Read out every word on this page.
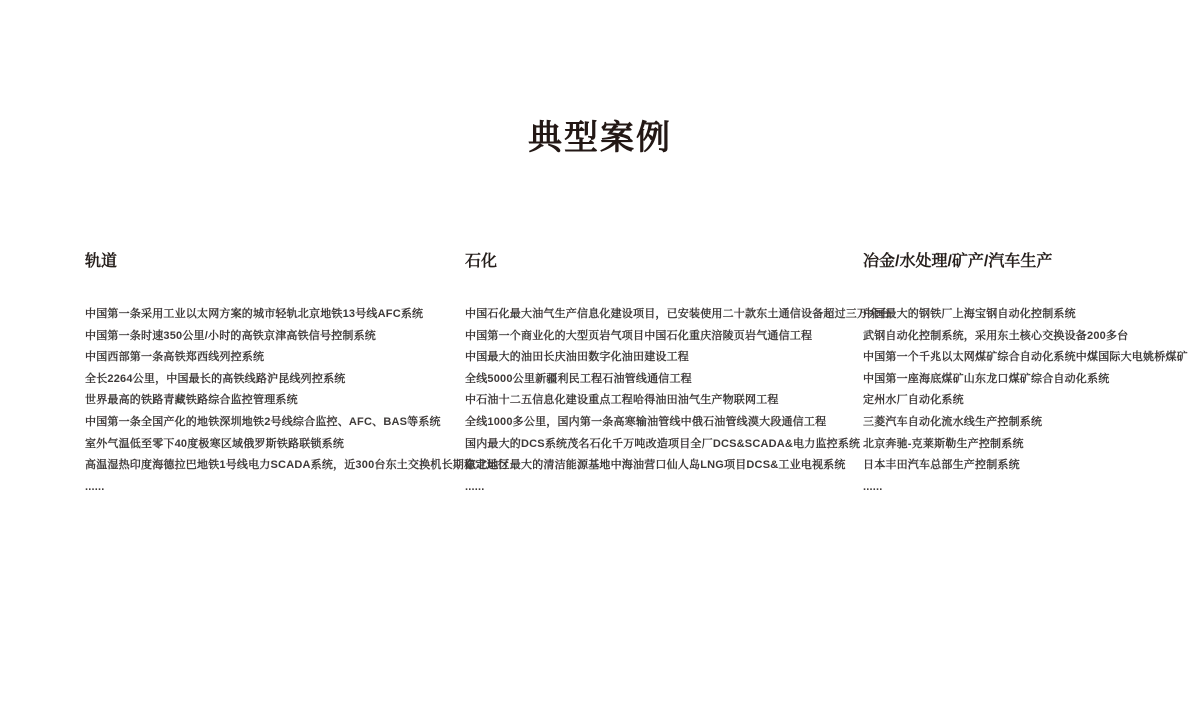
典型案例
轨道
中国第一条采用工业以太网方案的城市轻轨北京地铁13号线AFC系统
中国第一条时速350公里/小时的高铁京津高铁信号控制系统
中国西部第一条高铁郑西线列控系统
全长2264公里，中国最长的高铁线路沪昆线列控系统
世界最高的铁路青藏铁路综合监控管理系统
中国第一条全国产化的地铁深圳地铁2号线综合监控、AFC、BAS等系统
室外气温低至零下40度极寒区域俄罗斯铁路联锁系统
高温湿热印度海德拉巴地铁1号线电力SCADA系统，近300台东土交换机长期稳定运行
......
石化
中国石化最大油气生产信息化建设项目，已安装使用二十款东土通信设备超过三万余台
中国第一个商业化的大型页岩气项目中国石化重庆涪陵页岩气通信工程
中国最大的油田长庆油田数字化油田建设工程
全线5000公里新疆利民工程石油管线通信工程
中石油十二五信息化建设重点工程哈得油田油气生产物联网工程
全线1000多公里，国内第一条高寒输油管线中俄石油管线漠大段通信工程
国内最大的DCS系统茂名石化千万吨改造项目全厂DCS&SCADA&电力监控系统
东北地区最大的清洁能源基地中海油营口仙人岛LNG项目DCS&工业电视系统
......
冶金/水处理/矿产/汽车生产
中国最大的钢铁厂上海宝钢自动化控制系统
武钢自动化控制系统，采用东土核心交换设备200多台
中国第一个千兆以太网煤矿综合自动化系统中煤国际大电姚桥煤矿
中国第一座海底煤矿山东龙口煤矿综合自动化系统
定州水厂自动化系统
三菱汽车自动化流水线生产控制系统
北京奔驰-克莱斯勒生产控制系统
日本丰田汽车总部生产控制系统
......
